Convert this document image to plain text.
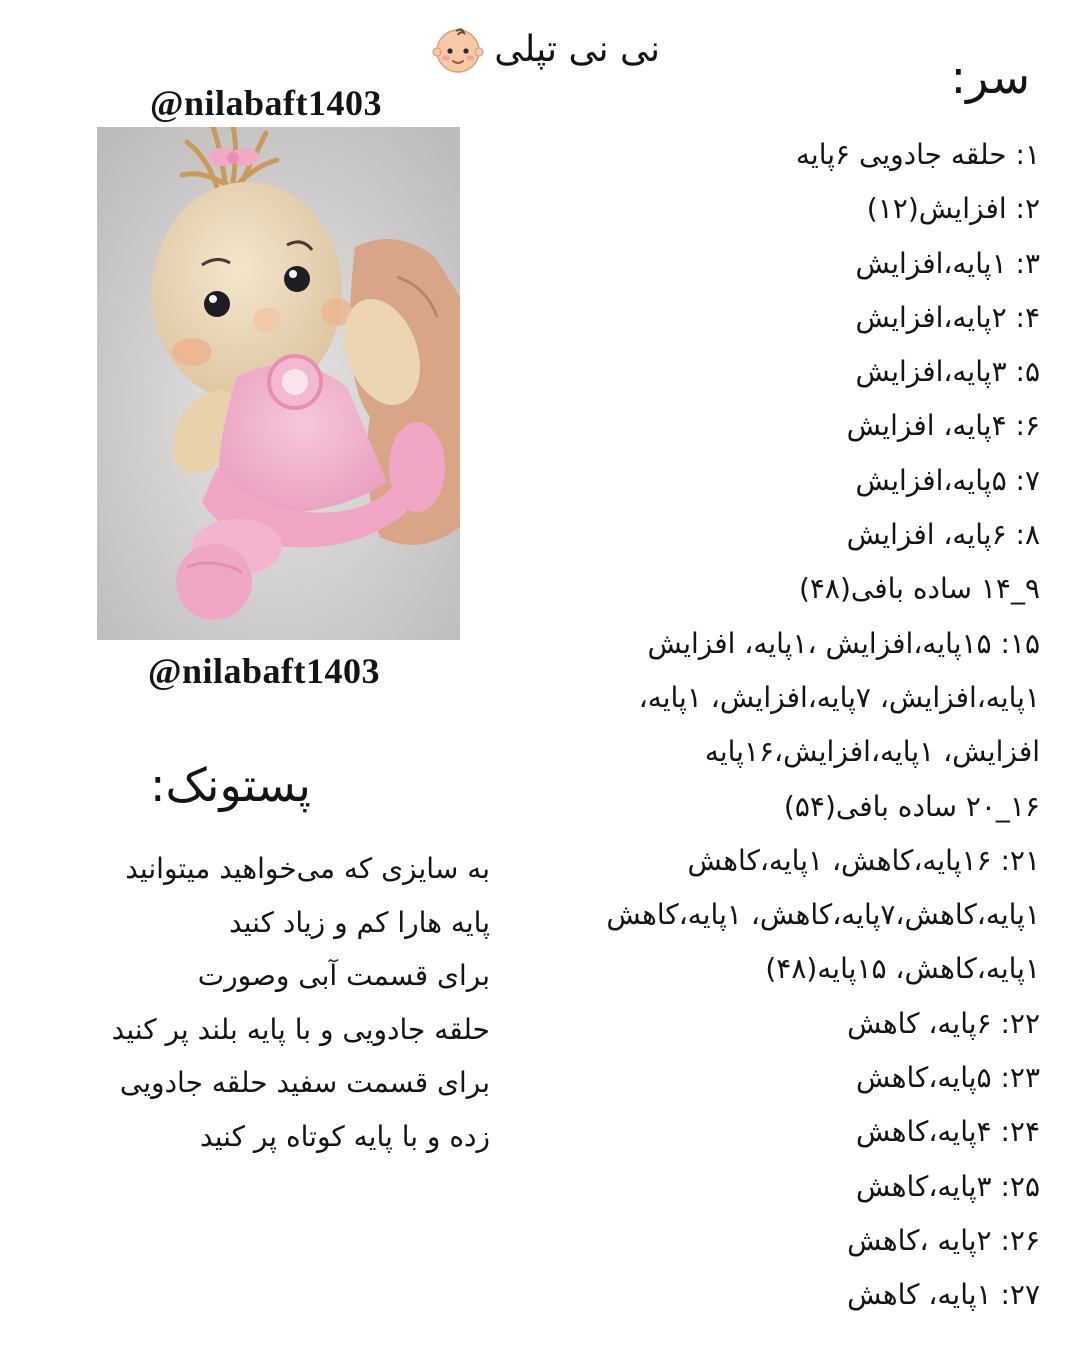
نی نی تپلی
@nilabaft1403
@nilabaft1403
سر:
۱: حلقه جادویی ۶پایه
۲: افزایش(۱۲)
۳: ۱پایه،افزایش
۴: ۲پایه،افزایش
۵: ۳پایه،افزایش
۶: ۴پایه، افزایش
۷: ۵پایه،افزایش
۸: ۶پایه، افزایش
۹_۱۴ ساده بافی(۴۸)
۱۵: ۱۵پایه،افزایش ،۱پایه، افزایش
۱پایه،افزایش، ۷پایه،افزایش، ۱پایه،
افزایش، ۱پایه،افزایش،۱۶پایه
۱۶_۲۰ ساده بافی(۵۴)
۲۱: ۱۶پایه،کاهش، ۱پایه،کاهش
۱پایه،کاهش،۷پایه،کاهش، ۱پایه،کاهش
۱پایه،کاهش، ۱۵پایه(۴۸)
۲۲: ۶پایه، کاهش
۲۳: ۵پایه،کاهش
۲۴: ۴پایه،کاهش
۲۵: ۳پایه،کاهش
۲۶: ۲پایه ،کاهش
۲۷: ۱پایه، کاهش
پستونک:
به سایزی که می‌خواهید میتوانید
پایه هارا کم و زیاد کنید
برای قسمت آبی وصورت
حلقه جادویی و با پایه بلند پر کنید
برای قسمت سفید حلقه جادویی
زده و با پایه کوتاه پر کنید
